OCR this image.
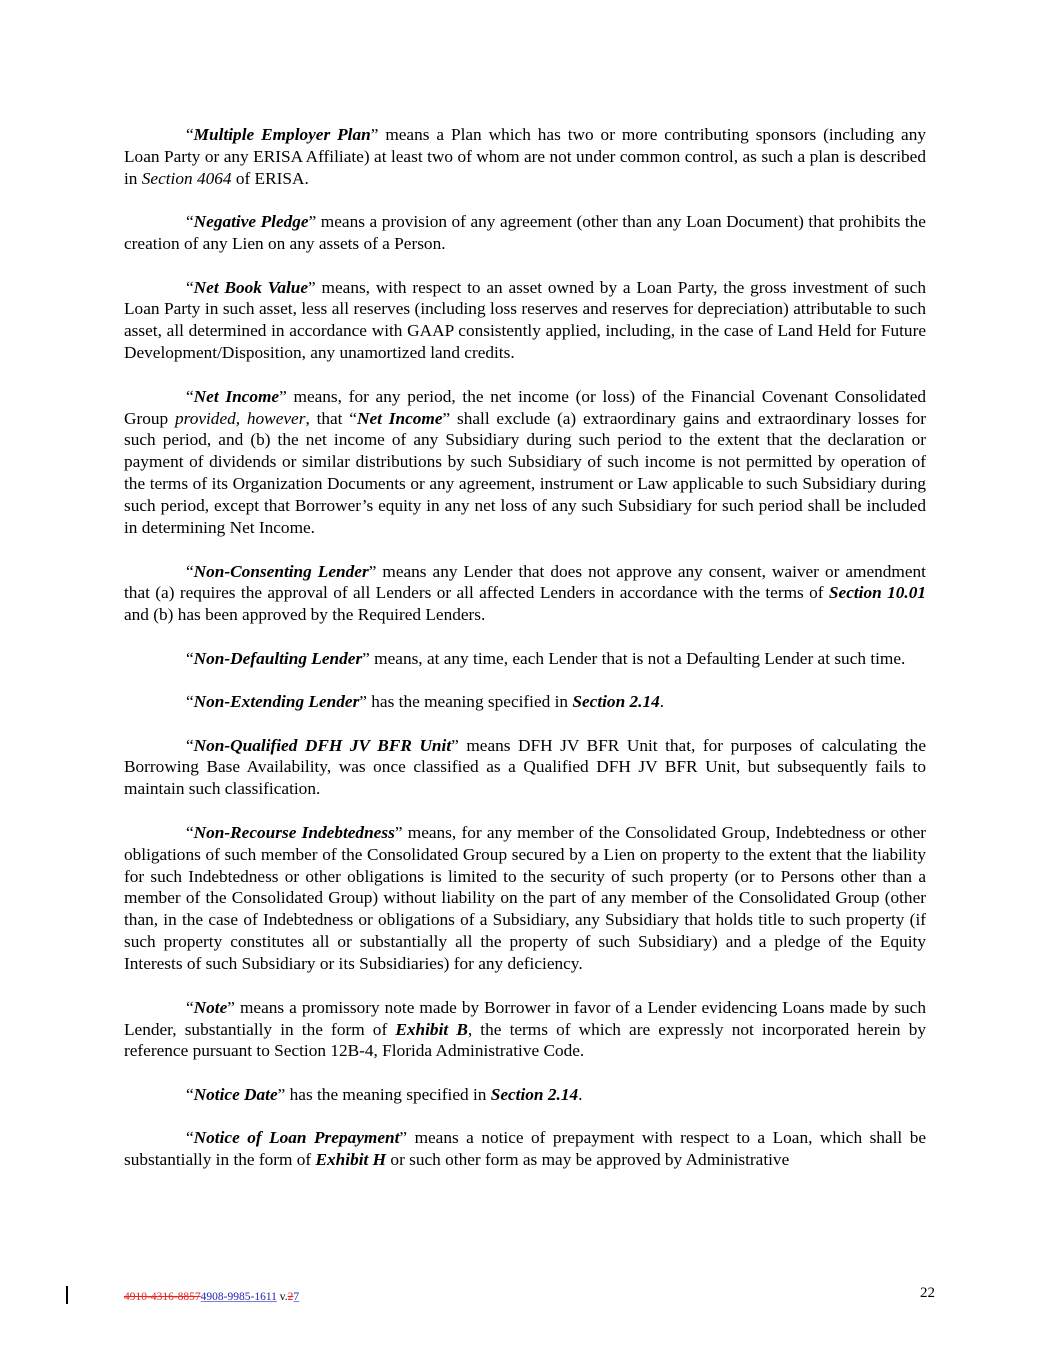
“Multiple Employer Plan” means a Plan which has two or more contributing sponsors (including any Loan Party or any ERISA Affiliate) at least two of whom are not under common control, as such a plan is described in Section 4064 of ERISA.

“Negative Pledge” means a provision of any agreement (other than any Loan Document) that prohibits the creation of any Lien on any assets of a Person.

“Net Book Value” means, with respect to an asset owned by a Loan Party, the gross investment of such Loan Party in such asset, less all reserves (including loss reserves and reserves for depreciation) attributable to such asset, all determined in accordance with GAAP consistently applied, including, in the case of Land Held for Future Development/Disposition, any unamortized land credits.

“Net Income” means, for any period, the net income (or loss) of the Financial Covenant Consolidated Group provided, however, that “Net Income” shall exclude (a) extraordinary gains and extraordinary losses for such period, and (b) the net income of any Subsidiary during such period to the extent that the declaration or payment of dividends or similar distributions by such Subsidiary of such income is not permitted by operation of the terms of its Organization Documents or any agreement, instrument or Law applicable to such Subsidiary during such period, except that Borrower’s equity in any net loss of any such Subsidiary for such period shall be included in determining Net Income.

“Non-Consenting Lender” means any Lender that does not approve any consent, waiver or amendment that (a) requires the approval of all Lenders or all affected Lenders in accordance with the terms of Section 10.01 and (b) has been approved by the Required Lenders.

“Non-Defaulting Lender” means, at any time, each Lender that is not a Defaulting Lender at such time.

“Non-Extending Lender” has the meaning specified in Section 2.14.

“Non-Qualified DFH JV BFR Unit” means DFH JV BFR Unit that, for purposes of calculating the Borrowing Base Availability, was once classified as a Qualified DFH JV BFR Unit, but subsequently fails to maintain such classification.

“Non-Recourse Indebtedness” means, for any member of the Consolidated Group, Indebtedness or other obligations of such member of the Consolidated Group secured by a Lien on property to the extent that the liability for such Indebtedness or other obligations is limited to the security of such property (or to Persons other than a member of the Consolidated Group) without liability on the part of any member of the Consolidated Group (other than, in the case of Indebtedness or obligations of a Subsidiary, any Subsidiary that holds title to such property (if such property constitutes all or substantially all the property of such Subsidiary) and a pledge of the Equity Interests of such Subsidiary or its Subsidiaries) for any deficiency.

“Note” means a promissory note made by Borrower in favor of a Lender evidencing Loans made by such Lender, substantially in the form of Exhibit B, the terms of which are expressly not incorporated herein by reference pursuant to Section 12B-4, Florida Administrative Code.

“Notice Date” has the meaning specified in Section 2.14.

“Notice of Loan Prepayment” means a notice of prepayment with respect to a Loan, which shall be substantially in the form of Exhibit H or such other form as may be approved by Administrative

4910-4316-88574908-9985-1611 v.27	22
